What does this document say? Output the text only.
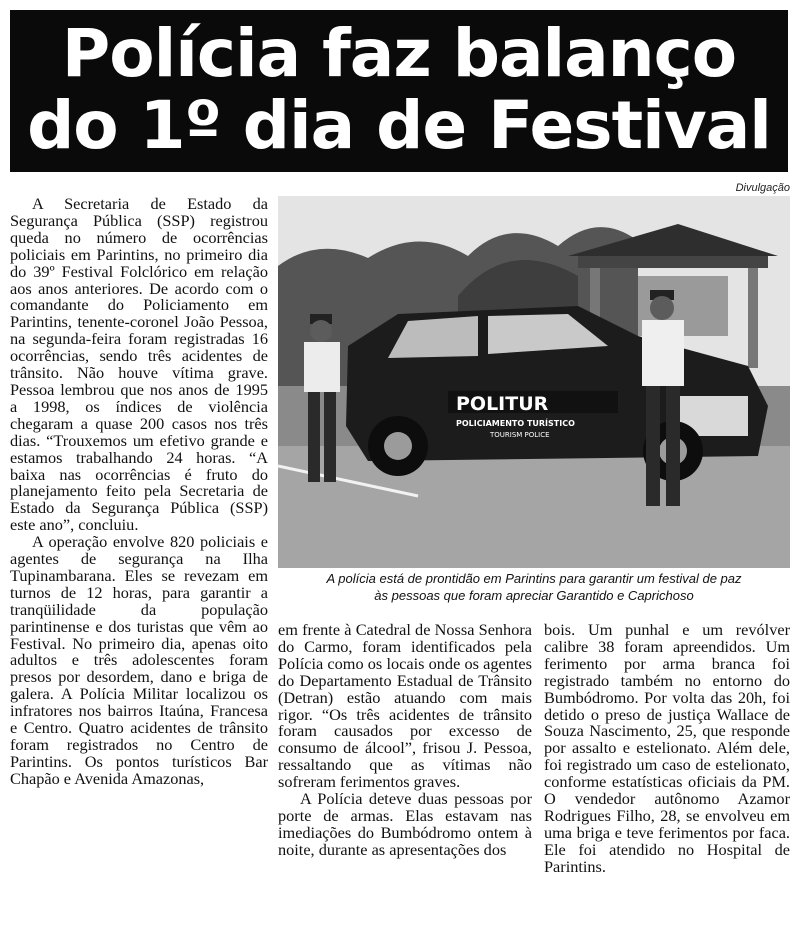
Polícia faz balanço
do 1º dia de Festival
Divulgação
POLITUR
POLICIAMENTO TURÍSTICO
TOURISM POLICE
A polícia está de prontidão em Parintins para garantir um festival de paz
às pessoas que foram apreciar Garantido e Caprichoso

A Secretaria de Estado da Segurança Pública (SSP) registrou queda no número de ocorrências policiais em Parintins, no primeiro dia do 39º Festival Folclórico em relação aos anos anteriores. De acordo com o comandante do Policiamento em Parintins, tenente-coronel João Pessoa, na segunda-feira foram registradas 16 ocorrências, sendo três acidentes de trânsito. Não houve vítima grave. Pessoa lembrou que nos anos de 1995 a 1998, os índices de violência chegaram a quase 200 casos nos três dias. “Trouxemos um efetivo grande e estamos trabalhando 24 horas. “A baixa nas ocorrências é fruto do planejamento feito pela Secretaria de Estado da Segurança Pública (SSP) este ano”, concluiu.

A operação envolve 820 policiais e agentes de segurança na Ilha Tupinambarana. Eles se revezam em turnos de 12 horas, para garantir a tranqüilidade da população parintinense e dos turistas que vêm ao Festival. No primeiro dia, apenas oito adultos e três adolescentes foram presos por desordem, dano e briga de galera. A Polícia Militar localizou os infratores nos bairros Itaúna, Francesa e Centro. Quatro acidentes de trânsito foram registrados no Centro de Parintins. Os pontos turísticos Bar Chapão e Avenida Amazonas,

em frente à Catedral de Nossa Senhora do Carmo, foram identificados pela Polícia como os locais onde os agentes do Departamento Estadual de Trânsito (Detran) estão atuando com mais rigor. “Os três acidentes de trânsito foram causados por excesso de consumo de álcool”, frisou J. Pessoa, ressaltando que as vítimas não sofreram ferimentos graves.

A Polícia deteve duas pessoas por porte de armas. Elas estavam nas imediações do Bumbódromo ontem à noite, durante as apresentações dos

bois. Um punhal e um revólver calibre 38 foram apreendidos. Um ferimento por arma branca foi registrado também no entorno do Bumbódromo. Por volta das 20h, foi detido o preso de justiça Wallace de Souza Nascimento, 25, que responde por assalto e estelionato. Além dele, foi registrado um caso de estelionato, conforme estatísticas oficiais da PM. O vendedor autônomo Azamor Rodrigues Filho, 28, se envolveu em uma briga e teve ferimentos por faca. Ele foi atendido no Hospital de Parintins.
